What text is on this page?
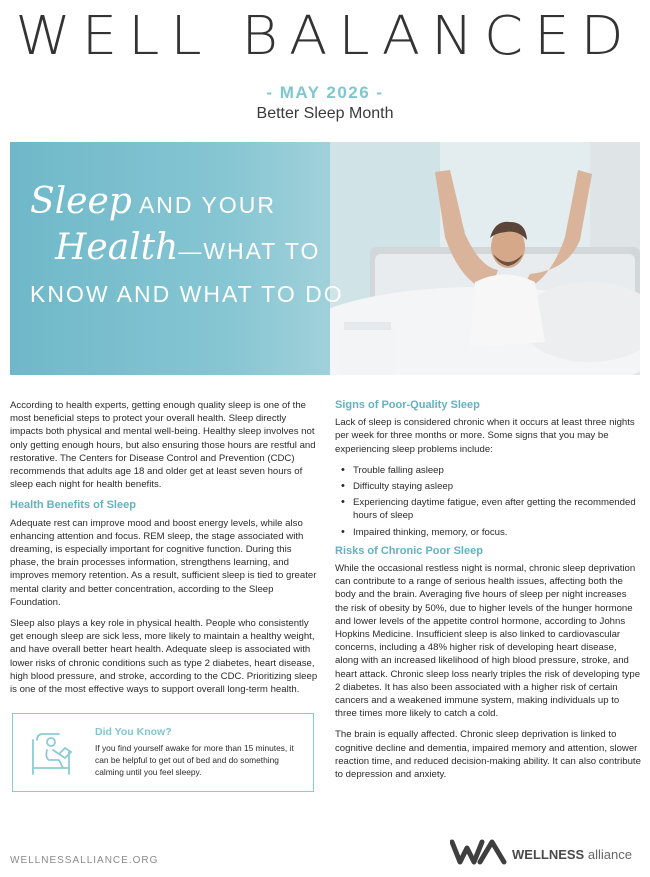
WELL BALANCED
- MAY 2026 -
Better Sleep Month
Sleep AND YOUR
Health—WHAT TO
KNOW AND WHAT TO DO

According to health experts, getting enough quality sleep is one of the most beneficial steps to protect your overall health. Sleep directly impacts both physical and mental well-being. Healthy sleep involves not only getting enough hours, but also ensuring those hours are restful and restorative. The Centers for Disease Control and Prevention (CDC) recommends that adults age 18 and older get at least seven hours of sleep each night for health benefits.

Health Benefits of Sleep

Adequate rest can improve mood and boost energy levels, while also enhancing attention and focus. REM sleep, the stage associated with dreaming, is especially important for cognitive function. During this phase, the brain processes information, strengthens learning, and improves memory retention. As a result, sufficient sleep is tied to greater mental clarity and better concentration, according to the Sleep Foundation.

Sleep also plays a key role in physical health. People who consistently get enough sleep are sick less, more likely to maintain a healthy weight, and have overall better heart health. Adequate sleep is associated with lower risks of chronic conditions such as type 2 diabetes, heart disease, high blood pressure, and stroke, according to the CDC. Prioritizing sleep is one of the most effective ways to support overall long-term health.

Did You Know?
If you find yourself awake for more than 15 minutes, it can be helpful to get out of bed and do something calming until you feel sleepy.
Signs of Poor-Quality Sleep

Lack of sleep is considered chronic when it occurs at least three nights per week for three months or more. Some signs that you may be experiencing sleep problems include:

• Trouble falling asleep
• Difficulty staying asleep
• Experiencing daytime fatigue, even after getting the recommended hours of sleep
• Impaired thinking, memory, or focus.
Risks of Chronic Poor Sleep

While the occasional restless night is normal, chronic sleep deprivation can contribute to a range of serious health issues, affecting both the body and the brain. Averaging five hours of sleep per night increases the risk of obesity by 50%, due to higher levels of the hunger hormone and lower levels of the appetite control hormone, according to Johns Hopkins Medicine. Insufficient sleep is also linked to cardiovascular concerns, including a 48% higher risk of developing heart disease, along with an increased likelihood of high blood pressure, stroke, and heart attack. Chronic sleep loss nearly triples the risk of developing type 2 diabetes. It has also been associated with a higher risk of certain cancers and a weakened immune system, making individuals up to three times more likely to catch a cold.

The brain is equally affected. Chronic sleep deprivation is linked to cognitive decline and dementia, impaired memory and attention, slower reaction time, and reduced decision-making ability. It can also contribute to depression and anxiety.

WELLNESSALLIANCE.ORG	WELLNESS alliance
